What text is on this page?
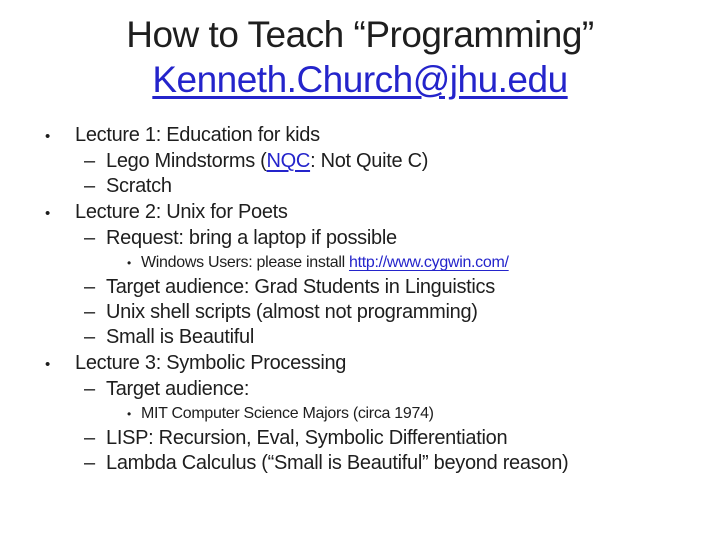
How to Teach “Programming”
Kenneth.Church@jhu.edu
•	Lecture 1: Education for kids
– Lego Mindstorms (NQC: Not Quite C)
– Scratch
•	Lecture 2: Unix for Poets
– Request: bring a laptop if possible
• Windows Users: please install http://www.cygwin.com/
– Target audience: Grad Students in Linguistics
– Unix shell scripts (almost not programming)
– Small is Beautiful
•	Lecture 3: Symbolic Processing
– Target audience:
• MIT Computer Science Majors (circa 1974)
– LISP: Recursion, Eval, Symbolic Differentiation
– Lambda Calculus (“Small is Beautiful” beyond reason)
